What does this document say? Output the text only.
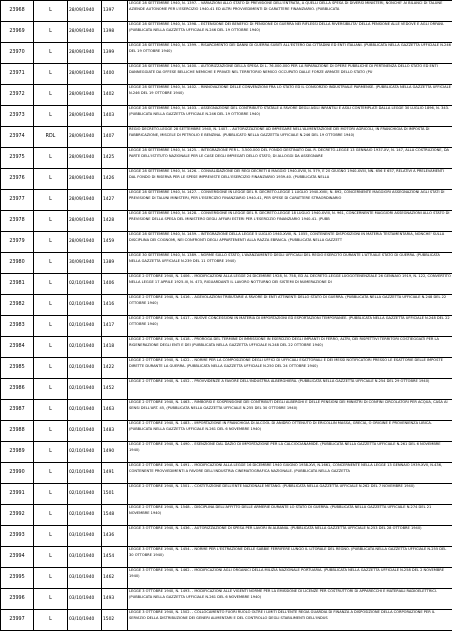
23968	L	28/09/1940	1397	LEGGE 28 SETTEMBRE 1940, N. 1397. - VARIAZIONI ALLO STATO DI PREVISIONE DELL'ENTRATA, A QUELLI DELLA SPESA DI DIVERSI MINISTERI, NONCHE' AI BILANCI DI TALUNE AZIENDE AUTONOME PER L'ESERCIZIO 1940-41 ED ALTRI PROVVEDIMENTI DI CARATTERE FINANZIARIO. (PUBBLICATA
23969	L	28/09/1940	1398	LEGGE 28 SETTEMBRE 1940, N. 1398. - ESTENSIONE DEI BENEFICI DI PENSIONE DI GUERRA NEI RIFLESSI DELLA RIVERSIBILITA' DELLA PENSIONE ALLE VEDOVE E AGLI ORFANI. (PUBBLICATA NELLA GAZZETTA UFFICIALE N.246 DEL 19 OTTOBRE 1940)
23970	L	28/09/1940	1399	LEGGE 28 SETTEMBRE 1940, N. 1399. - RISARCIMENTO DEI DANNI DI GUERRA SUBITI ALL'ESTERO DA CITTADINI ED ENTI ITALIANI. (PUBBLICATA NELLA GAZZETTA UFFICIALE N.246 DEL 19 OTTOBRE 1940)
23971	L	28/09/1940	1400	LEGGE 28 SETTEMBRE 1940, N. 1400. - AUTORIZZAZIONE DELLA SPESA DI L. 76.000.000 PER LA RIPARAZIONE DI OPERE PUBBLICHE DI PERTINENZA DELLO STATO ED ENTI DANNEGGIATE DA OFFESE BELLICHE NEMICHE E PRIVATI NEL TERRITORIO NEMICO OCCUPATO DALLE FORZE ARMATE DELLO STATO (PU
23972	L	28/09/1940	1402	LEGGE 28 SETTEMBRE 1940, N. 1402. - RINNOVAZIONE DELLE CONVENZIONI FRA LO STATO ED IL CONSORZIO INDUSTRIALE PARMENSE. (PUBBLICATA NELLA GAZZETTA UFFICIALE N.246 DEL 19 OTTOBRE 1940)
23973	L	28/09/1940	1403	LEGGE 28 SETTEMBRE 1940, N. 1403. - ASSEGNAZIONE DEL CONTRIBUTO STATALE A FAVORE DEGLI ASILI INFANTILI E ASILI CONTEMPLATI DALLA LEGGE 30 LUGLIO 1896, N. 343. (PUBBLICATA NELLA GAZZETTA UFFICIALE N.246 DEL 19 OTTOBRE 1940)
23974	RDL	28/09/1940	1407	REGIO DECRETO-LEGGE 28 SETTEMBRE 1940, N. 1407. - AUTORIZZAZIONE AD IMPIEGARE NELL'ALIMENTAZIONE DEI MOTORI AGRICOLI, IN FRANCHIGIA DI IMPOSTA DI FABBRICAZIONE, MISCELE DI PETROLIO E BENZINA. (PUBBLICATO NELLA GAZZETTA UFFICIALE N.246 DEL 19 OTTOBRE 1940)
23975	L	28/09/1940	1425	LEGGE 28 SETTEMBRE 1940, N. 1425. - INTEGRAZIONE PER L. 3.500.000 DEL FONDO DESTINATO DAL R. DECRETO-LEGGE 13 GENNAIO 1937-XV, N. 147, ALLA COSTRUZIONE, DA PARTE DELL'ISTITUTO NAZIONALE PER LE CASE DEGLI IMPIEGATI DELLO STATO, DI ALLOGGI DA ASSEGNARE
23976	L	28/09/1940	1426	LEGGE 28 SETTEMBRE 1940, N. 1426. - CONVALIDAZIONE DEI REGI DECRETI 8 MAGGIO 1940-XVIII, N. 579, E 20 GIUGNO 1940-XVIII, NN. 656 E 657, RELATIVI A PRELEVAMENTI DAL FONDO DI RISERVA PER LE SPESE IMPREVISTE DELL'ESERCIZIO FINANZIARIO 1939-40. (PUBBLICATA NELLA
23977	L	28/09/1940	1427	LEGGE 28 SETTEMBRE 1940, N. 1427. - CONVERSIONE IN LEGGE DEL R. DECRETO-LEGGE 1 LUGLIO 1940-XVIII, N. 892, CONCERNENTE MAGGIORI ASSEGNAZIONI AGLI STATI DI PREVISIONE DI TALUNI MINISTERI, PER L'ESERCIZIO FINANZIARIO 1940-41, PER SPESE DI CARATTERE STRAORDINARIO
23978	L	28/09/1940	1428	LEGGE 28 SETTEMBRE 1940, N. 1428. - CONVERSIONE IN LEGGE DEL R. DECRETO-LEGGE 18 LUGLIO 1940-XVIII, N. 961, CONCERNENTE MAGGIORI ASSEGNAZIONI ALLO STATO DI PREVISIONE DELLA SPESA DEL MINISTERO DEGLI AFFARI ESTERI PER L'ESERCIZIO FINANZIARIO 1940-41. (PUBB
23979	L	28/09/1940	1459	LEGGE 28 SETTEMBRE 1940, N. 1459. - INTEGRAZIONE DELLA LEGGE 5 LUGLIO 1940-XVIII, N. 1055, CONTENENTE DISPOSIZIONI IN MATERIA TESTAMENTARIA, NONCHE' SULLA DISCIPLINA DEI COGNOMI, NEI CONFRONTI DEGLI APPARTENENTI ALLA RAZZA EBRAICA. (PUBBLICATA NELLA GAZZETT
23980	L	30/09/1940	1389	LEGGE 30 SETTEMBRE 1940, N. 1389. - NORME SULLO STATO, L'AVANZAMENTO DEGLI UFFICIALI DEL REGIO ESERCITO DURANTE L'ATTUALE STATO DI GUERRA. (PUBBLICATA NELLA GAZZETTA UFFICIALE N.239 DEL 11 OTTOBRE 1940)
23981	L	02/10/1940	1406	LEGGE 2 OTTOBRE 1940, N. 1406. - MODIFICAZIONI ALLA LEGGE 24 DICEMBRE 1928, N. 758, ED AL DECRETO-LEGGE LUOGOTENENZIALE 26 GENNAIO 1919, N. 122, CONVERTITO NELLA LEGGE 17 APRILE 1925-III, N. 473, RIGUARDANTI IL LAVORO NOTTURNO DEI SISTEMI DI NUMERAZIONE DI
23982	L	02/10/1940	1416	LEGGE 2 OTTOBRE 1940, N. 1416. - AGEVOLAZIONI TRIBUTARIE A FAVORE DI ENTI ATTINENTI DELLO STATO DI GUERRA. (PUBBLICATA NELLA GAZZETTA UFFICIALE N.248 DEL 22 OTTOBRE 1940)
23983	L	02/10/1940	1417	LEGGE 2 OTTOBRE 1940, N. 1417. - NUOVE CONCESSIONI IN MATERIA DI IMPORTAZIONI ED ESPORTAZIONI TEMPORANEE. (PUBBLICATA NELLA GAZZETTA UFFICIALE N.248 DEL 22 OTTOBRE 1940)
23984	L	02/10/1940	1418	LEGGE 2 OTTOBRE 1940, N. 1418. - PROROGA DEL TERMINE DI IMMISSIONE IN ESERCIZIO DEGLI IMPIANTI DI FERRO, ALTRI, DEI RISPETTIVI TERRITORI COSTIEGGIATI PER LA RIGENERAZIONE DEGLI ENTI E DEI (PUBBLICATA NELLA GAZZETTA UFFICIALE N.248 DEL 22 OTTOBRE 1940)
23985	L	02/10/1940	1422	LEGGE 2 OTTOBRE 1940, N. 1422. - NORME PER LA COMPOSIZIONE DEGLI UFFICI DI UFFICIALI ESATTORIALI E DEI MESSI NOTIFICATORI PRESSO LE ESATTORIE DELLE IMPOSTE DIRETTE DURANTE LA GUERRA. (PUBBLICATA NELLA GAZZETTA UFFICIALE N.250 DEL 24 OTTOBRE 1940)
23986	L	02/10/1940	1452	LEGGE 2 OTTOBRE 1940, N. 1452. - PROVVIDENZE A FAVORE DELL'INDUSTRIA ALBERGHIERA. (PUBBLICATA NELLA GAZZETTA UFFICIALE N.254 DEL 29 OTTOBRE 1940)
23987	L	02/10/1940	1463	LEGGE 2 OTTOBRE 1940, N. 1463. - RIMBORSI E SOSPENSIONE DEI CONTRIBUTI DEGLI ALBERGHI E DELLE PENSIONI DEI MINISTRI DI CONFINI CIRCOLATORI PER ACQUA, CASA AI SENSI DELL'ART. 45, (PUBBLICATA NELLA GAZZETTA UFFICIALE N.255 DEL 30 OTTOBRE 1940)
23988	L	02/10/1940	1483	LEGGE 2 OTTOBRE 1940, N. 1483. - IMPORTAZIONE IN FRANCHIGIA DI ALCOOL DI ANIDRO OTTENUTO DI ERICOLLIN MASSA, GRECIA, O ORIGINE E PROVENIENZA LIBICA. (PUBBLICATA NELLA GAZZETTA UFFICIALE N.261 DEL 6 NOVEMBRE 1940)
23989	L	02/10/1940	1490	LEGGE 2 OTTOBRE 1940, N. 1490. - ESENZIONE DAL DAZIO DI IMPORTAZIONE PER LA CALCIOCIANAMIDE. (PUBBLICATA NELLA GAZZETTA UFFICIALE N.261 DEL 6 NOVEMBRE 1940)
23990	L	02/10/1940	1491	LEGGE 2 OTTOBRE 1940, N. 1491. - MODIFICAZIONI ALLA LEGGE 16 DICEMBRE 1940 GIUGNO 1938-XVI, N.1661, CONCERNENTE NELLA LEGGE 13 GENNAIO 1939-XVII, N.436, CONTENENTE PROVVEDIMENTI A FAVORE DELL'INDUSTRIA CINEMATOGRAFICA NAZIONALE. (PUBBLICATA NELLA GAZZETTA
23991	L	02/10/1940	1501	LEGGE 2 OTTOBRE 1940, N. 1501. - COSTITUZIONE DELL'ENTE NAZIONALE METANO. (PUBBLICATA NELLA GAZZETTA UFFICIALE N.262 DEL 7 NOVEMBRE 1940)
23992	L	02/10/1940	1548	LEGGE 2 OTTOBRE 1940, N. 1548. - DISCIPLINA DELL'AFFITTO DELLE ARMERIE DURANTE LO STATO DI GUERRA. (PUBBLICATA NELLA GAZZETTA UFFICIALE N.274 DEL 21 NOVEMBRE 1940)
23993	L	03/10/1940	1436	LEGGE 3 OTTOBRE 1940, N. 1436. - AUTORIZZAZIONE DI SPESA PER LAVORI IN ALBANIA. (PUBBLICATA NELLA GAZZETTA UFFICIALE N.253 DEL 28 OTTOBRE 1940)
23994	L	03/10/1940	1454	LEGGE 3 OTTOBRE 1940, N. 1454. - NORME PER L'ESTRAZIONE DELLE SABBIE FERRIFERE LUNGO IL LITORALE DEL REGNO. (PUBBLICATA NELLA GAZZETTA UFFICIALE N.255 DEL 30 OTTOBRE 1940)
23995	L	03/10/1940	1462	LEGGE 3 OTTOBRE 1940, N. 1462. - MODIFICAZIONI AGLI ORGANICI DELLA MILIZIA NAZIONALE PORTUARIA. (PUBBLICATA NELLA GAZZETTA UFFICIALE N.258 DEL 2 NOVEMBRE 1940)
23996	L	03/10/1940	1493	LEGGE 3 OTTOBRE 1940, N. 1493. - MODIFICAZIONI ALLE VIGENTI NORME PER LA EMISSIONE DI LICENZE PER COSTRUTTORI DI APPARECCHI E MATERIALI RADIOELETTRICI. (PUBBLICATA NELLA GAZZETTA UFFICIALE N.261 DEL 6 NOVEMBRE 1940)
23997	L	03/10/1940	1502	LEGGE 3 OTTOBRE 1940, N. 1502. - COLLOCAMENTO FUORI RUOLO OLTRE I LIMITI DELL'ENTE REGIA GUARDIA DI FINANZA A DISPOSIZIONE DELLA CORPORAZIONE PER IL SERVIZIO DELLA DISTRIBUZIONE DEI GENERI ALIMENTARI E DEL CONTROLLO DEGLI STABILIMENTI DELL'INDUS
